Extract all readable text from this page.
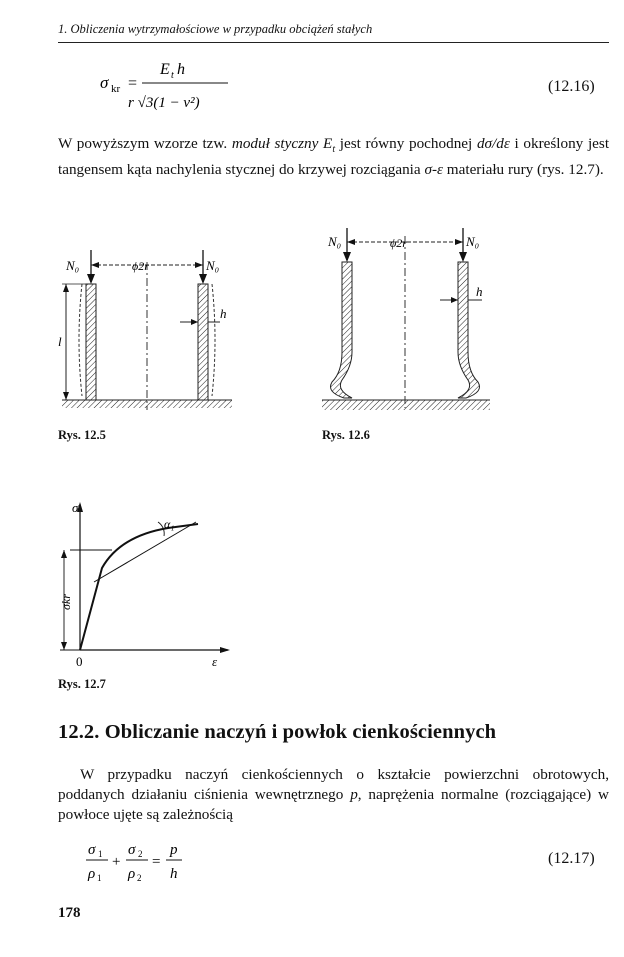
1. Obliczenia wytrzymałościowe w przypadku obciążeń stałych
σ kr =
E t h
r √3(1 − ν²)
(12.16)
W powyższym wzorze tzw. moduł styczny $E_t$ jest równy pochodnej dσ/dε i określony jest tangensem kąta nachylenia stycznej do krzywej rozciągania σ-ε materiału rury (rys. 12.7).
N₀	N₀
ϕ2r
h
l
Rys. 12.5
N₀	N₀
ϕ2r
h
Rys. 12.6
σ
ε
0
α₁
σkr
Rys. 12.7
12.2. Obliczanie naczyń i powłok cienkościennych
W przypadku naczyń cienkościennych o kształcie powierzchni obrotowych, poddanych działaniu ciśnienia wewnętrznego p, naprężenia normalne (rozciągające) w powłoce ujęte są zależnością
σ 1
ρ 1
+
σ 2
ρ 2
=
p
h
(12.17)
178
